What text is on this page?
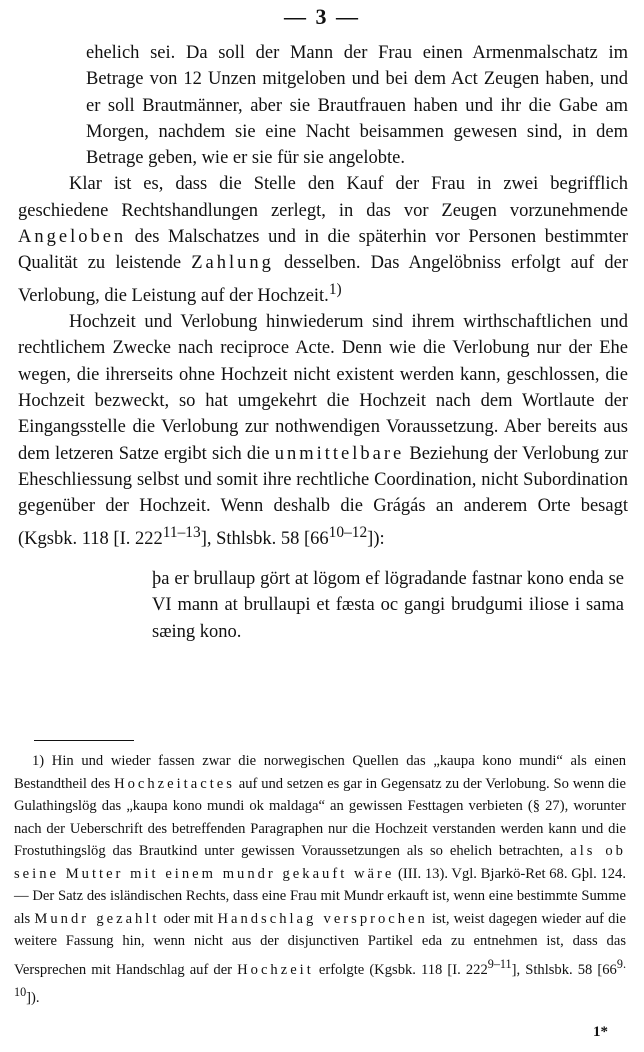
— 3 —

ehelich sei. Da soll der Mann der Frau einen Armenmalschatz im Betrage von 12 Unzen mitgeloben und bei dem Act Zeugen haben, und er soll Brautmänner, aber sie Brautfrauen haben und ihr die Gabe am Morgen, nachdem sie eine Nacht beisammen gewesen sind, in dem Betrage geben, wie er sie für sie angelobte.

Klar ist es, dass die Stelle den Kauf der Frau in zwei begrifflich geschiedene Rechtshandlungen zerlegt, in das vor Zeugen vorzunehmende Angeloben des Malschatzes und in die späterhin vor Personen bestimmter Qualität zu leistende Zahlung desselben. Das Angelöbniss erfolgt auf der Verlobung, die Leistung auf der Hochzeit.$^{1)}$

Hochzeit und Verlobung hinwiederum sind ihrem wirthschaftlichen und rechtlichem Zwecke nach reciproce Acte. Denn wie die Verlobung nur der Ehe wegen, die ihrerseits ohne Hochzeit nicht existent werden kann, geschlossen, die Hochzeit bezweckt, so hat umgekehrt die Hochzeit nach dem Wortlaute der Eingangsstelle die Verlobung zur nothwendigen Voraussetzung. Aber bereits aus dem letzeren Satze ergibt sich die unmittelbare Beziehung der Verlobung zur Eheschliessung selbst und somit ihre rechtliche Coordination, nicht Subordination gegenüber der Hochzeit. Wenn deshalb die Grágás an anderem Orte besagt (Kgsbk. 118 [I. 222$^{11-13}$], Sthlsbk. 58 [66$^{10-12}$]):

þa er brullaup gört at lögom ef lögradande fastnar kono enda se VI mann at brullaupi et fæsta oc gangi brudgumi iliose i sama sæing kono.

1) Hin und wieder fassen zwar die norwegischen Quellen das „kaupa kono mundi“ als einen Bestandtheil des Hochzeitactes auf und setzen es gar in Gegensatz zu der Verlobung. So wenn die Gulathingslög das „kaupa kono mundi ok maldaga“ an gewissen Festtagen verbieten (§ 27), worunter nach der Ueberschrift des betreffenden Paragraphen nur die Hochzeit verstanden werden kann und die Frostuthingslög das Brautkind unter gewissen Voraussetzungen als so ehelich betrachten, als ob seine Mutter mit einem mundr gekauft wäre (III. 13). Vgl. Bjarkö-Ret 68. Gþl. 124. — Der Satz des isländischen Rechts, dass eine Frau mit Mundr erkauft ist, wenn eine bestimmte Summe als Mundr gezahlt oder mit Handschlag versprochen ist, weist dagegen wieder auf die weitere Fassung hin, wenn nicht aus der disjunctiven Partikel eda zu entnehmen ist, dass das Versprechen mit Handschlag auf der Hochzeit erfolgte (Kgsbk. 118 [I. 222$^{9-11}$], Sthlsbk. 58 $[66^{9. 10}]$).

1*
